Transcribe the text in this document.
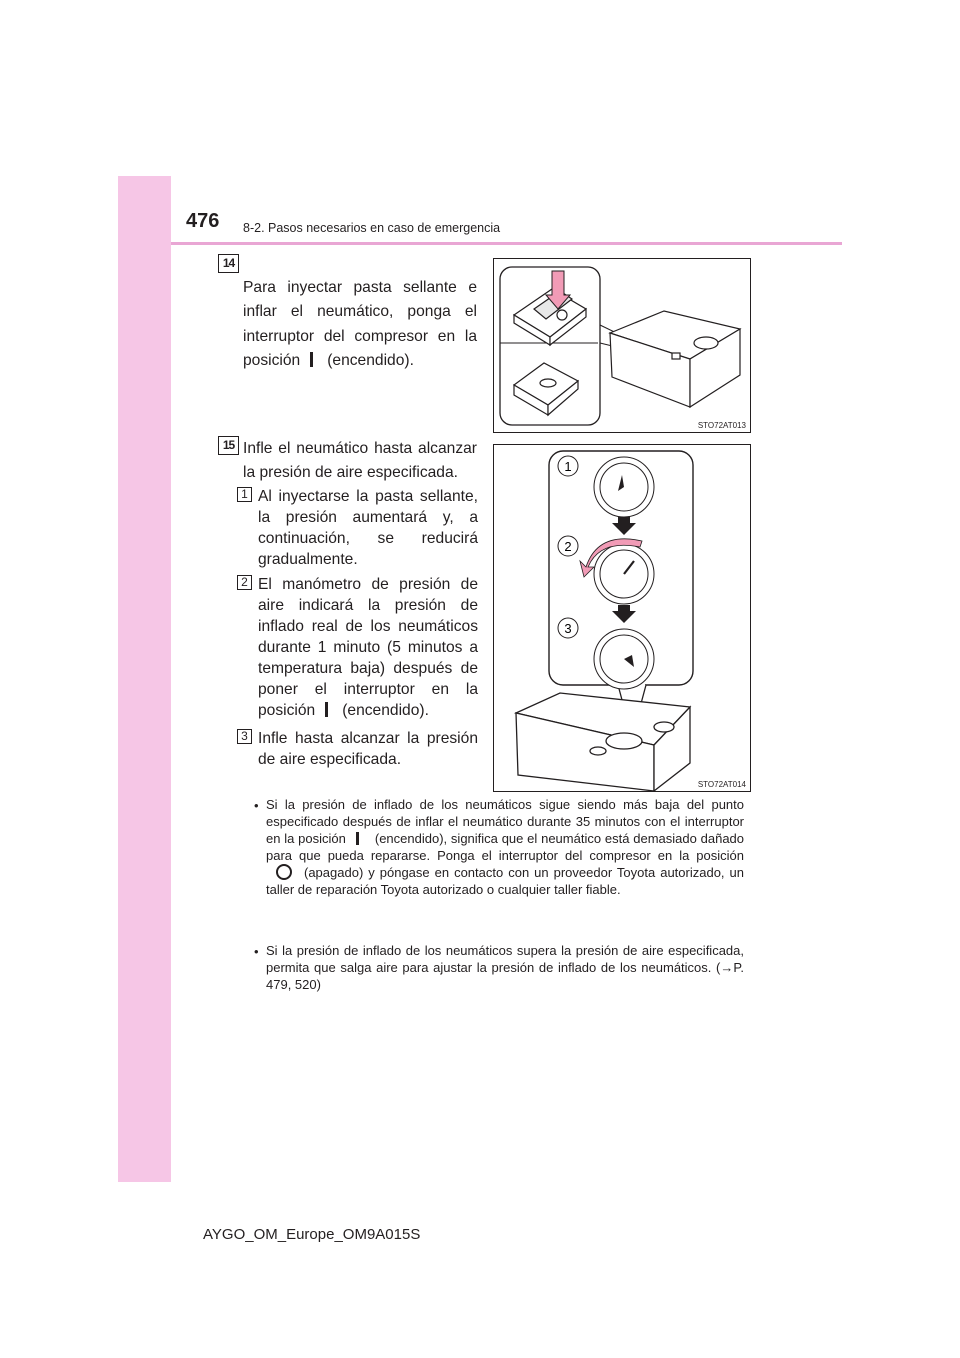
476 8-2. Pasos necesarios en caso de emergencia
14
Para inyectar pasta sellante e inflar el neumático, ponga el interruptor del compresor en la posición (encendido).
STO72AT013
15 Infle el neumático hasta alcanzar la presión de aire especificada.
1 Al inyectarse la pasta sellante, la presión aumentará y, a continuación, se reducirá gradualmente.
2 El manómetro de presión de aire indicará la presión de inflado real de los neumáticos durante 1 minuto (5 minutos a temperatura baja) después de poner el interruptor en la posición (encendido).
3 Infle hasta alcanzar la presión de aire especificada.
1
2
3
STO72AT014
• Si la presión de inflado de los neumáticos sigue siendo más baja del punto especificado después de inflar el neumático durante 35 minutos con el interruptor en la posición (encendido), significa que el neumático está demasiado dañado para que pueda repararse. Ponga el interruptor del compresor en la posición(apagado) y póngase en contacto con un proveedor Toyota autorizado, un taller de reparación Toyota autorizado o cualquier taller fiable.
• Si la presión de inflado de los neumáticos supera la presión de aire especificada, permita que salga aire para ajustar la presión de inflado de los neumáticos. (→P. 479, 520)
AYGO_OM_Europe_OM9A015S
